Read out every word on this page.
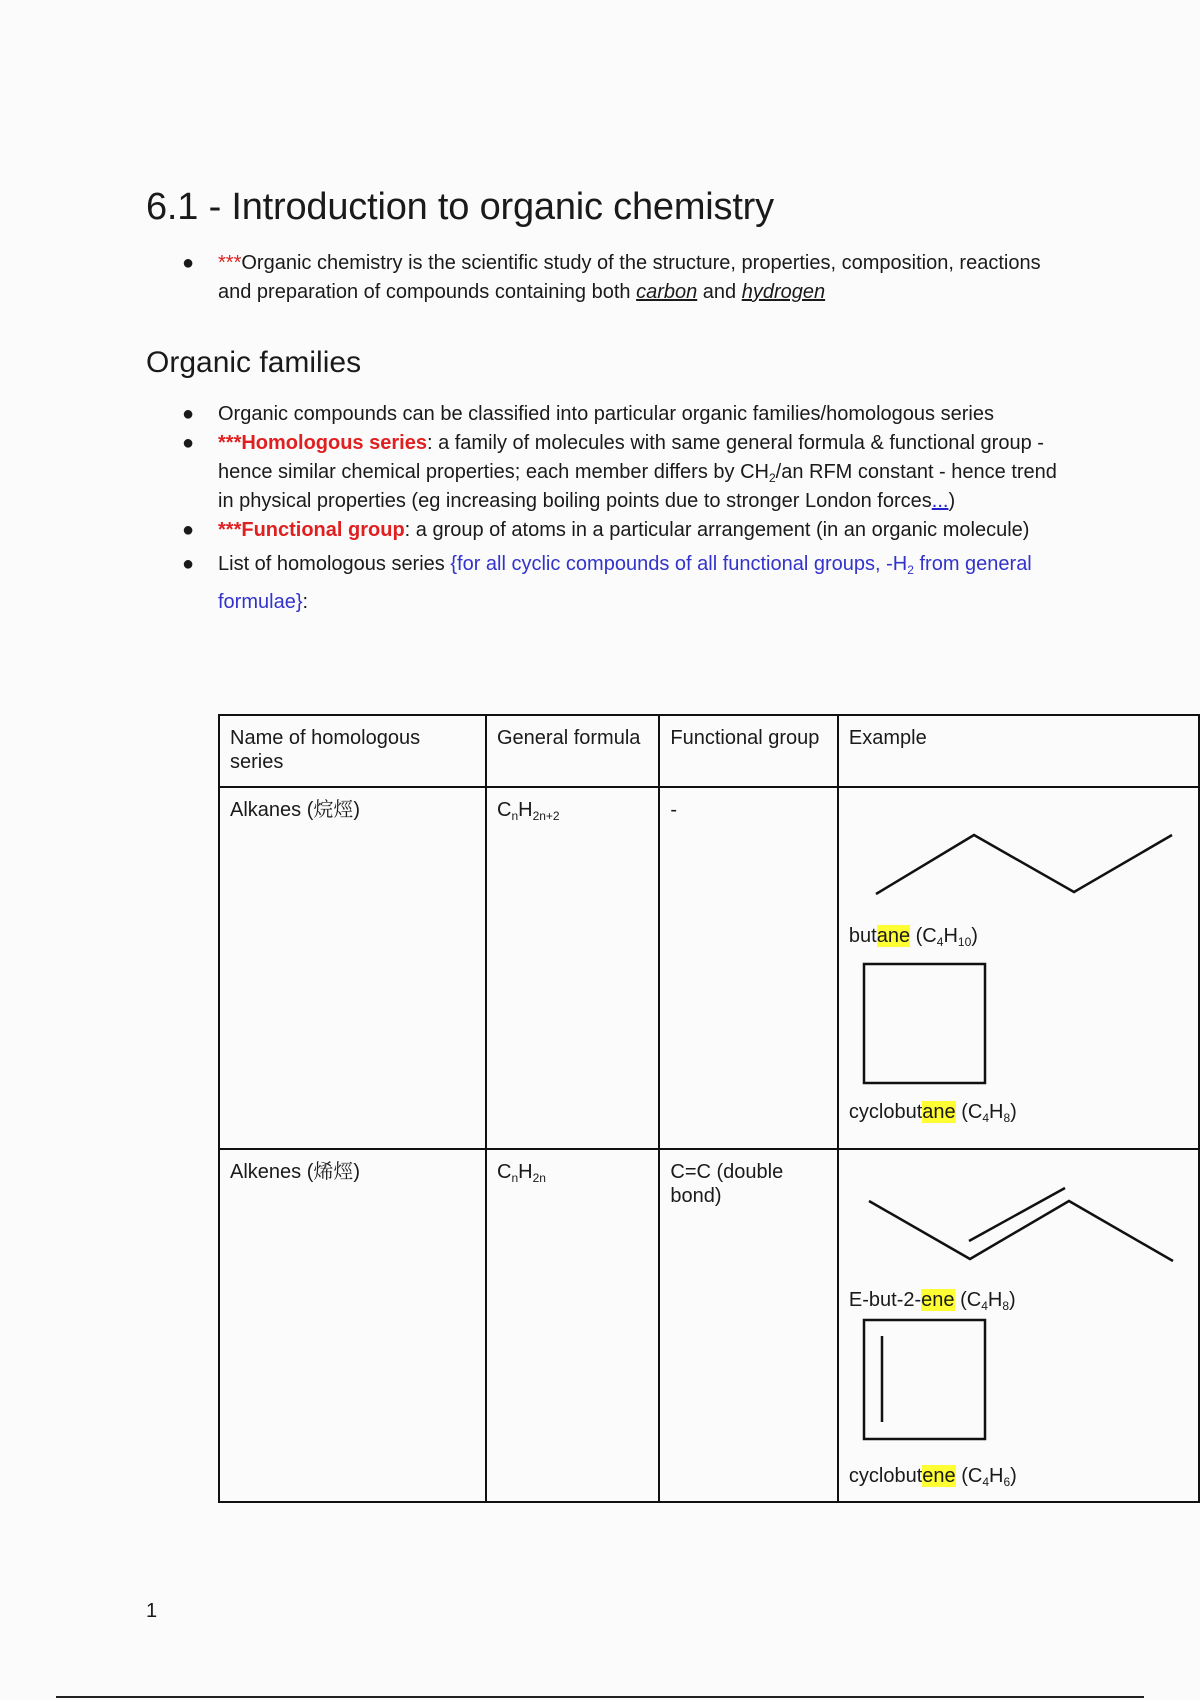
6.1 - Introduction to organic chemistry
● ***Organic chemistry is the scientific study of the structure, properties, composition, reactions and preparation of compounds containing both carbon and hydrogen
Organic families
● Organic compounds can be classified into particular organic families/homologous series
● ***Homologous series: a family of molecules with same general formula & functional group - hence similar chemical properties; each member differs by $CH_2/an$ RFM constant - hence trend in physical properties (eg increasing boiling points due to stronger London forces...)
● ***Functional group: a group of atoms in a particular arrangement (in an organic molecule)
● List of homologous series {for all cyclic compounds of all functional groups, $-H_2$ from general formulae}:
Name of homologous series	General formula	Functional group	Example
Alkanes (烷烴)	$C_nH_{2n+2}$	-	butane $(C_4H_{10})$
cyclobutane $(C_4H_8)$

Alkenes (烯烴)	$C_nH_{2n}$	C=C (double bond)	E-but-2-ene $(C_4H_8)$
cyclobutene $(C_4H_6)$
1
